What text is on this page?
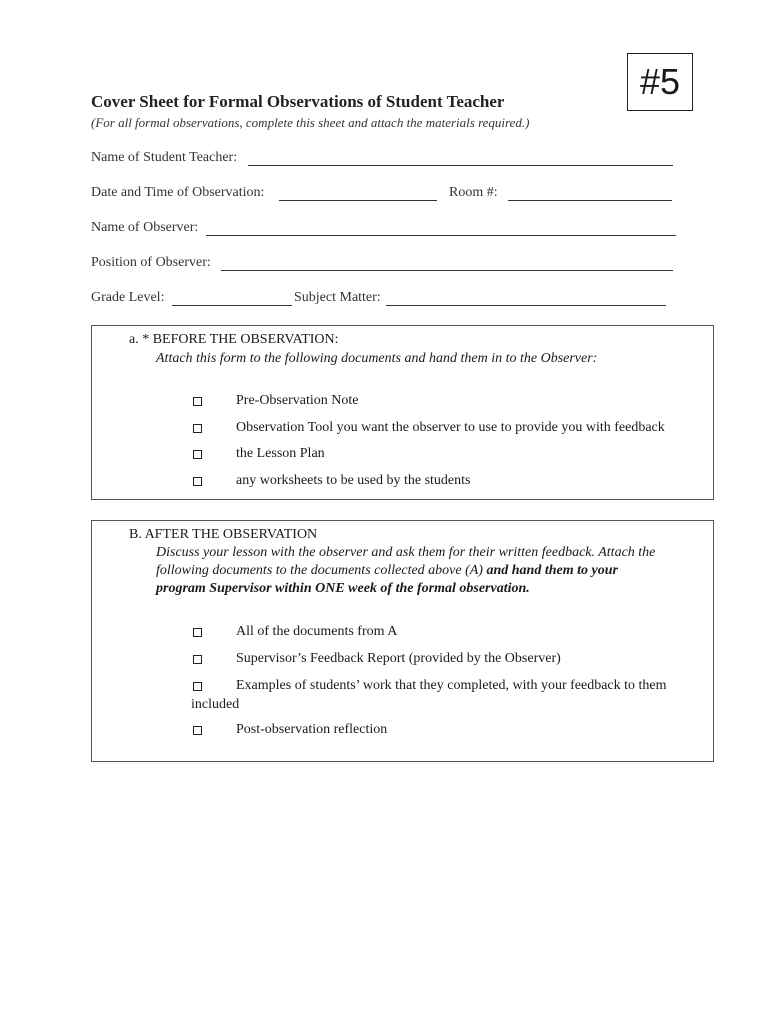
#5
Cover Sheet for Formal Observations of Student Teacher
(For all formal observations, complete this sheet and attach the materials required.)
Name of Student Teacher:
Date and Time of Observation:	Room #:
Name of Observer:
Position of Observer:
Grade Level:	Subject Matter:
a. * BEFORE THE OBSERVATION:
Attach this form to the following documents and hand them in to the Observer:
Pre-Observation Note
Observation Tool you want the observer to use to provide you with feedback
the Lesson Plan
any worksheets to be used by the students
B. AFTER THE OBSERVATION
Discuss your lesson with the observer and ask them for their written feedback. Attach the
following documents to the documents collected above (A) and hand them to your
program Supervisor within ONE week of the formal observation.
All of the documents from A
Supervisor’s Feedback Report (provided by the Observer)
Examples of students’ work that they completed, with your feedback to them
included
Post-observation reflection
